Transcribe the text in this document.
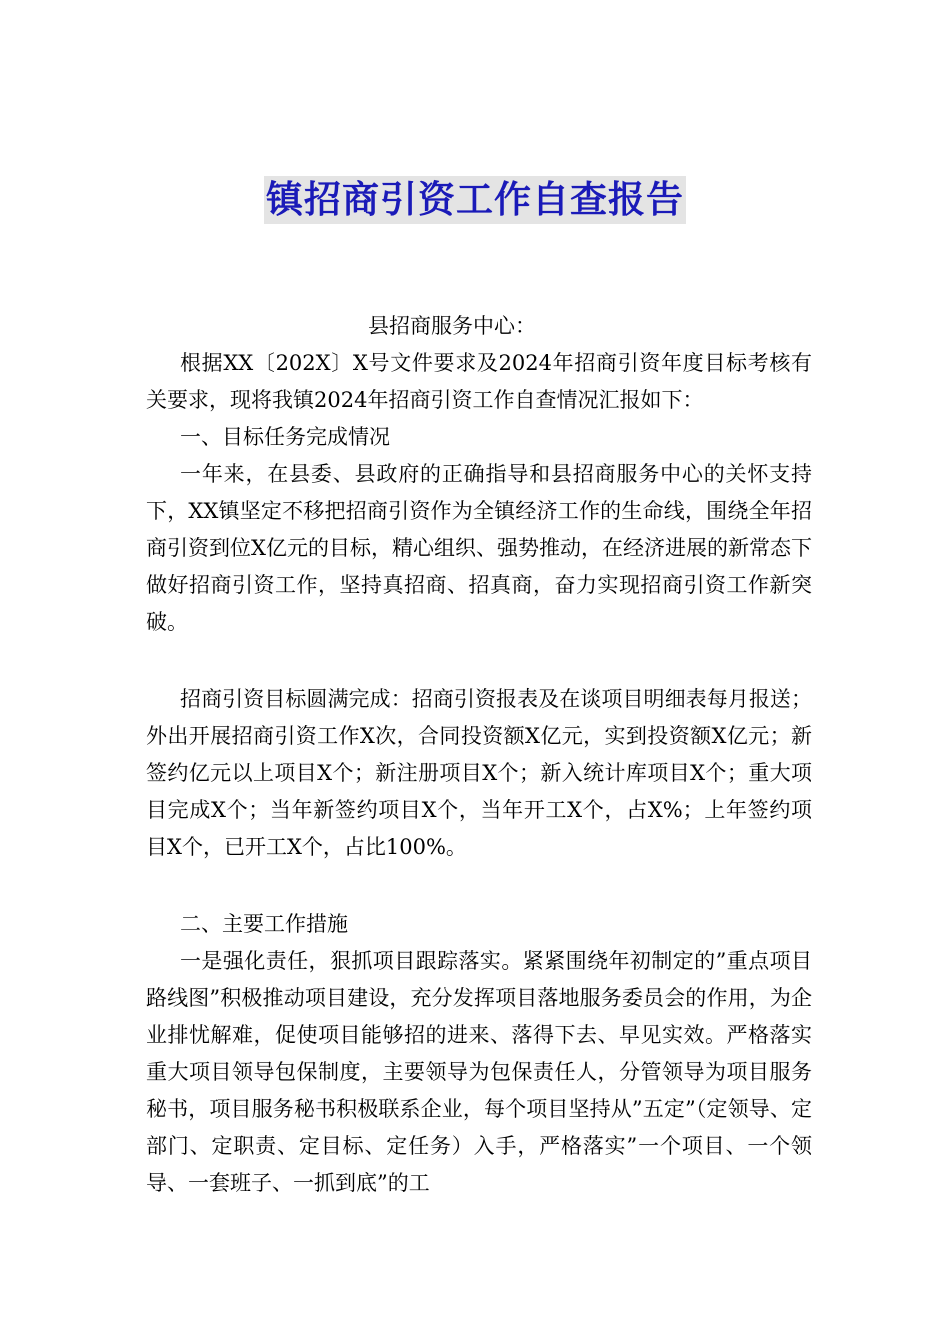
镇招商引资工作自查报告

县招商服务中心：

根据XX〔202X〕X号文件要求及2024年招商引资年度目标考核有关要求，现将我镇2024年招商引资工作自查情况汇报如下：

一、目标任务完成情况

一年来，在县委、县政府的正确指导和县招商服务中心的关怀支持下，XX镇坚定不移把招商引资作为全镇经济工作的生命线，围绕全年招商引资到位X亿元的目标，精心组织、强势推动，在经济进展的新常态下做好招商引资工作，坚持真招商、招真商，奋力实现招商引资工作新突破。

招商引资目标圆满完成：招商引资报表及在谈项目明细表每月报送；外出开展招商引资工作X次，合同投资额X亿元，实到投资额X亿元；新签约亿元以上项目X个；新注册项目X个；新入统计库项目X个；重大项目完成X个；当年新签约项目X个，当年开工X个，占X%；上年签约项目X个，已开工X个，占比100%。

二、主要工作措施

一是强化责任，狠抓项目跟踪落实。紧紧围绕年初制定的”重点项目路线图”积极推动项目建设，充分发挥项目落地服务委员会的作用，为企业排忧解难，促使项目能够招的进来、落得下去、早见实效。严格落实重大项目领导包保制度，主要领导为包保责任人，分管领导为项目服务秘书，项目服务秘书积极联系企业，每个项目坚持从”五定”（定领导、定部门、定职责、定目标、定任务）入手，严格落实”一个项目、一个领导、一套班子、一抓到底”的工
